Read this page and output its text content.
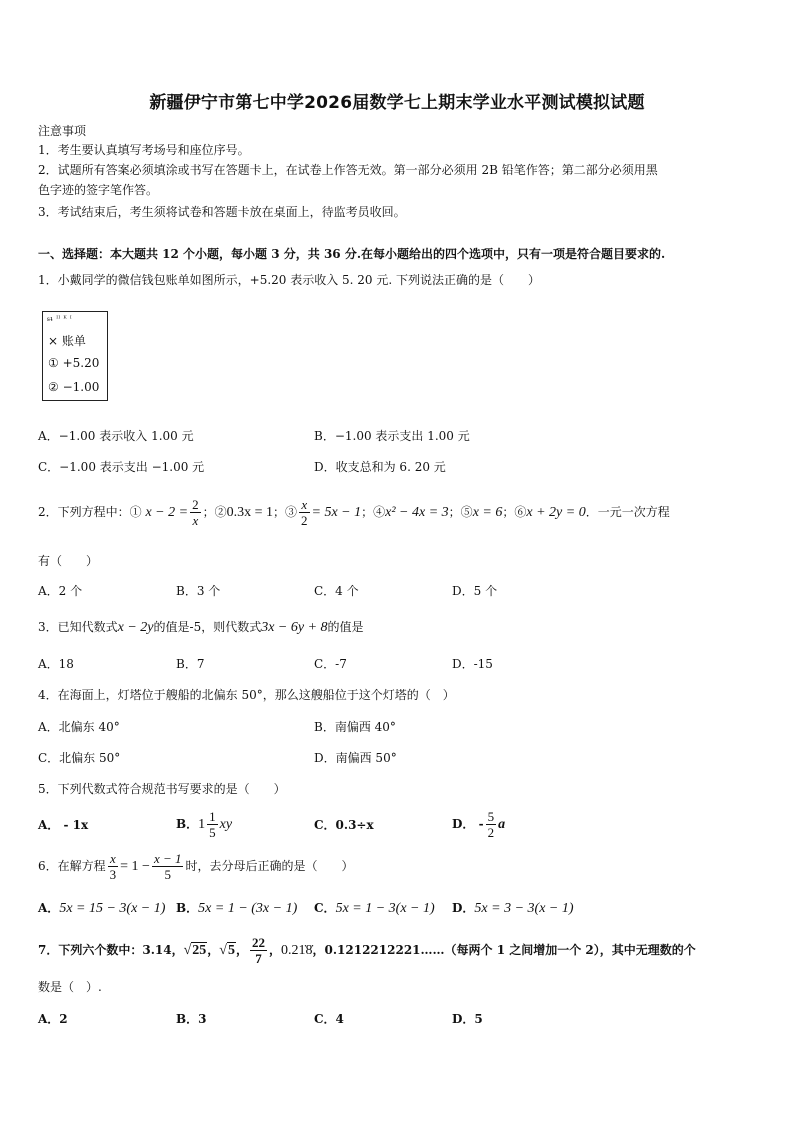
新疆伊宁市第七中学2026届数学七上期末学业水平测试模拟试题
注意事项
1．考生要认真填写考场号和座位序号。
2．试题所有答案必须填涂或书写在答题卡上，在试卷上作答无效。第一部分必须用 2B 铅笔作答；第二部分必须用黑
色字迹的签字笔作答。
3．考试结束后，考生须将试卷和答题卡放在桌面上，待监考员收回。
一、选择题：本大题共 12 个小题，每小题 3 分，共 36 分.在每小题给出的四个选项中，只有一项是符合题目要求的.
1．小戴同学的微信钱包账单如图所示，+5.20 表示收入 5. 20 元. 下列说法正确的是（　　）
ᵴᵼ ᴵᴵ ᴷ ᴵ
× 账单
① +5.20
② −1.00
A．−1.00 表示收入 1.00 元	B．−1.00 表示支出 1.00 元
C．−1.00 表示支出 −1.00 元	D．收支总和为 6. 20 元
2．下列方程中：① $x - 2 = \frac{2}{x}$ ；②0.3x = 1；③ $\frac{x}{2} = 5x - 1$；④x² − 4x = 3；⑤x = 6；⑥x + 2y = 0．一元一次方程
有（　　）
A．2 个	B．3 个	C．4 个	D．5 个
3．已知代数式x − 2y的值是-5，则代数式3x − 6y + 8的值是
A．18	B．7	C．-7	D．-15
4．在海面上，灯塔位于艘船的北偏东 50°，那么这艘船位于这个灯塔的（　）
A．北偏东 40°	B．南偏西 40°
C．北偏东 50°	D．南偏西 50°
5．下列代数式符合规范书写要求的是（　　）
A． - 1x	B．$1 \frac{1}{5}$ xy	C．0.3÷x	D． - $\frac{5}{2}$ a
6．在解方程 $\frac{x}{3} = 1 - \frac{x - 1}{5}$ 时，去分母后正确的是（　　）
A．5x = 15 − 3(x − 1) B．5x = 1 − (3x − 1) C．5x = 1 − 3(x − 1) D．5x = 3 − 3(x − 1)
7．下列六个数中：3.14，√25，√5， $\frac{22}{7}$ ，0.21̇8̇，0.1212212221……（每两个 1 之间增加一个 2），其中无理数的个
数是（　）.
A．2	B．3	C．4	D．5
